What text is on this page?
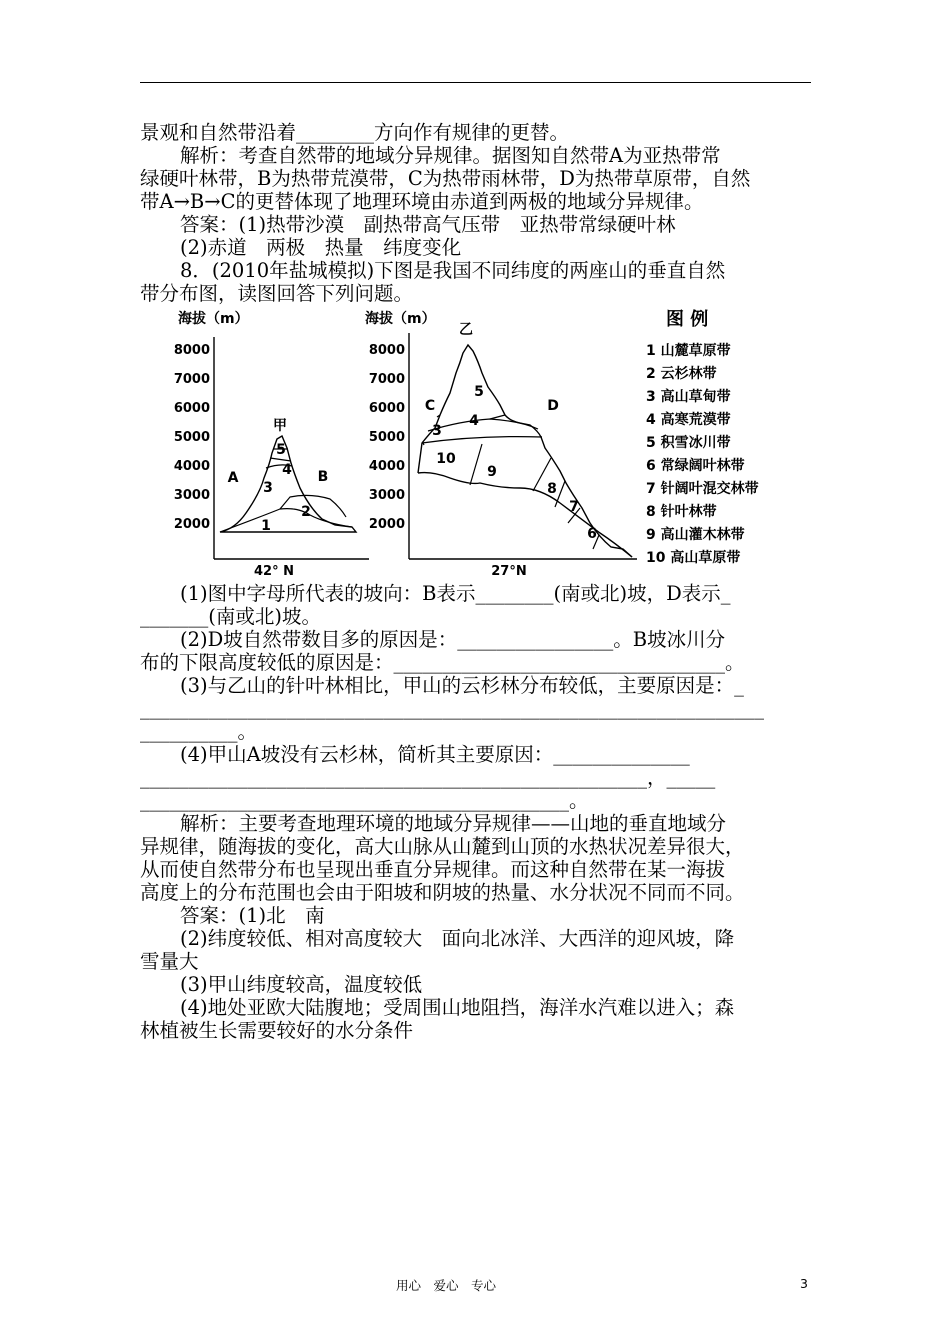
景观和自然带沿着________方向作有规律的更替。
解析：考查自然带的地域分异规律。据图知自然带A为亚热带常
绿硬叶林带，B为热带荒漠带，C为热带雨林带，D为热带草原带，自然
带A→B→C的更替体现了地理环境由赤道到两极的地域分异规律。
答案：(1)热带沙漠　副热带高气压带　亚热带常绿硬叶林
(2)赤道　两极　热量　纬度变化
8．(2010年盐城模拟)下图是我国不同纬度的两座山的垂直自然
带分布图，读图回答下列问题。
海拔（m）
8000
7000
6000
5000
4000
3000
2000
甲
5
4
3
2
1
A	B
42° N
海拔（m）
8000
7000
6000
5000
4000
3000
2000
乙
5
4
3
10
9
8
7
6
C	D
27°N
图 例
1 山麓草原带
2 云杉林带
3 高山草甸带
4 高寒荒漠带
5 积雪冰川带
6 常绿阔叶林带
7 针阔叶混交林带
8 针叶林带
9 高山灌木林带
10 高山草原带
(1)图中字母所代表的坡向：B表示________(南或北)坡，D表示_
_______(南或北)坡。
(2)D坡自然带数目多的原因是：________________。B坡冰川分
布的下限高度较低的原因是：__________________________________。
(3)与乙山的针叶林相比，甲山的云杉林分布较低，主要原因是：_
________________________________________________________________
__________。
(4)甲山A坡没有云杉林，简析其主要原因：______________
____________________________________________________，_____
____________________________________________。
解析：主要考查地理环境的地域分异规律——山地的垂直地域分
异规律，随海拔的变化，高大山脉从山麓到山顶的水热状况差异很大，
从而使自然带分布也呈现出垂直分异规律。而这种自然带在某一海拔
高度上的分布范围也会由于阳坡和阴坡的热量、水分状况不同而不同。
答案：(1)北　南
(2)纬度较低、相对高度较大　面向北冰洋、大西洋的迎风坡，降
雪量大
(3)甲山纬度较高，温度较低
(4)地处亚欧大陆腹地；受周围山地阻挡，海洋水汽难以进入；森
林植被生长需要较好的水分条件
用心　爱心　专心	3
